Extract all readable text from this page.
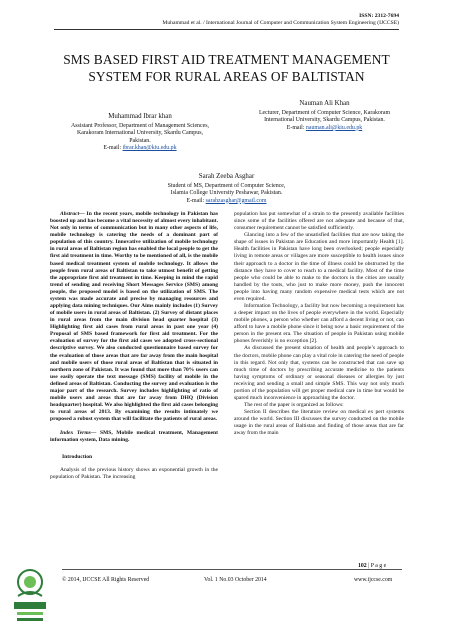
ISSN: 2312-7694
Muhammad et al. / International Journal of Computer and Communication System Engineering (IJCCSE)
SMS BASED FIRST AID TREATMENT MANAGEMENT
SYSTEM FOR RURAL AREAS OF BALTISTAN
Muhammad Ibrar khan
Assistant Professor, Department of Management Sciences,
Karakoram International University, Skardu Campus,
Pakistan.
E-mail: ibrar.khan@kiu.edu.pk
Nauman Ali Khan
Lecturer, Department of Computer Science, Karakoram
International University, Skardu Campus, Pakistan.
E-mail: nauman.ali@kiu.edu.pk
Sarah Zeeba Asghar
Student of MS, Department of Computer Science,
Islamia College University Peshawar, Pakistan.
E-mail: sarahzasghar@gmail.com

Abstract— In the recent years, mobile technology in Pakistan has boosted up and has become a vital necessity of almost every inhabitant. Not only in terms of communication but in many other aspects of life, mobile technology is catering the needs of a dominant part of population of this country. Innovative utilization of mobile technology in rural areas of Baltistan region has enabled the local people to get the first aid treatment in time. Worthy to be mentioned of all, is the mobile based medical treatment system of mobile technology. It allows the people from rural areas of Baltistan to take utmost benefit of getting the appropriate first aid treatment in time. Keeping in mind the rapid trend of sending and receiving Short Messages Service (SMS) among people, the proposed model is based on the utilization of SMS. The system was made accurate and precise by managing resources and applying data mining techniques. Our Aims mainly includes (1) Survey of mobile users in rural areas of Baltistan. (2) Survey of distant places in rural areas from the main division head quarter hospital (3) Highlighting first aid cases from rural areas in past one year (4) Proposal of SMS based framework for first aid treatment. For the evaluation of survey for the first aid cases we adopted cross-sectional descriptive survey. We also conducted questionnaire based survey for the evaluation of those areas that are far away from the main hospital and mobile users of those rural areas of Baltistan that is situated in northern zone of Pakistan. It was found that more than 70% users can use easily operate the text message (SMS) facility of mobile in the defined areas of Baltistan. Conducting the survey and evaluation is the major part of the research. Survey includes highlighting of ratio of mobile users and areas that are far away from DHQ (Division headquarter) hospital. We also highlighted the first aid cases belonging to rural areas of 2013. By examining the results intimately we proposed a robust system that will facilitate the patients of rural areas.

Index Terms— SMS, Mobile medical treatment, Management information system, Data mining.

Introduction

Analysis of the previous history shows an exponential growth in the population of Pakistan. The increasing

population has put somewhat of a strain to the presently available facilities since some of the facilities offered are not adequate and because of that, consumer requirement cannot be satisfied sufficiently.

Glancing into a few of the unsatisfied facilities that are now taking the shape of issues in Pakistan are Education and more importantly Health [1]. Health facilities in Pakistan have long been overlooked; people especially living in remote areas or villages are more susceptible to health issues since their approach to a doctor in the time of illness could be obstructed by the distance they have to cover to reach to a medical facility. Most of the time people who could be able to make to the doctors in the cities are usually handled by the touts, who just to make more money, push the innocent people into having many random expensive medical tests which are not even required.

Information Technology, a facility but now becoming a requirement has a deeper impact on the lives of people everywhere in the world. Especially mobile phones, a person who whether can afford a decent living or not, can afford to have a mobile phone since it being now a basic requirement of the person in the present era. The situation of people in Pakistan using mobile phones feverishly is no exception [2].

As discussed the present situation of health and people’s approach to the doctors, mobile phone can play a vital role in catering the need of people in this regard. Not only that, systems can be constructed that can save up much time of doctors by prescribing accurate medicine to the patients having symptoms of ordinary or seasonal diseases or allergies by just receiving and sending a small and simple SMS. This way not only much portion of the population will get proper medical care in time but would be spared much inconvenience in approaching the doctor.

The rest of the paper is organized as follows:

Section II describes the literature review on medical ex pert systems around the world. Section III discusses the survey conducted on the mobile usage in the rural areas of Baltistan and finding of those areas that are far away from the main

102 | P a g e
© 2014, IJCCSE All Rights Reserved	Vol. 1 No.03 October 2014	www.ijccse.com
